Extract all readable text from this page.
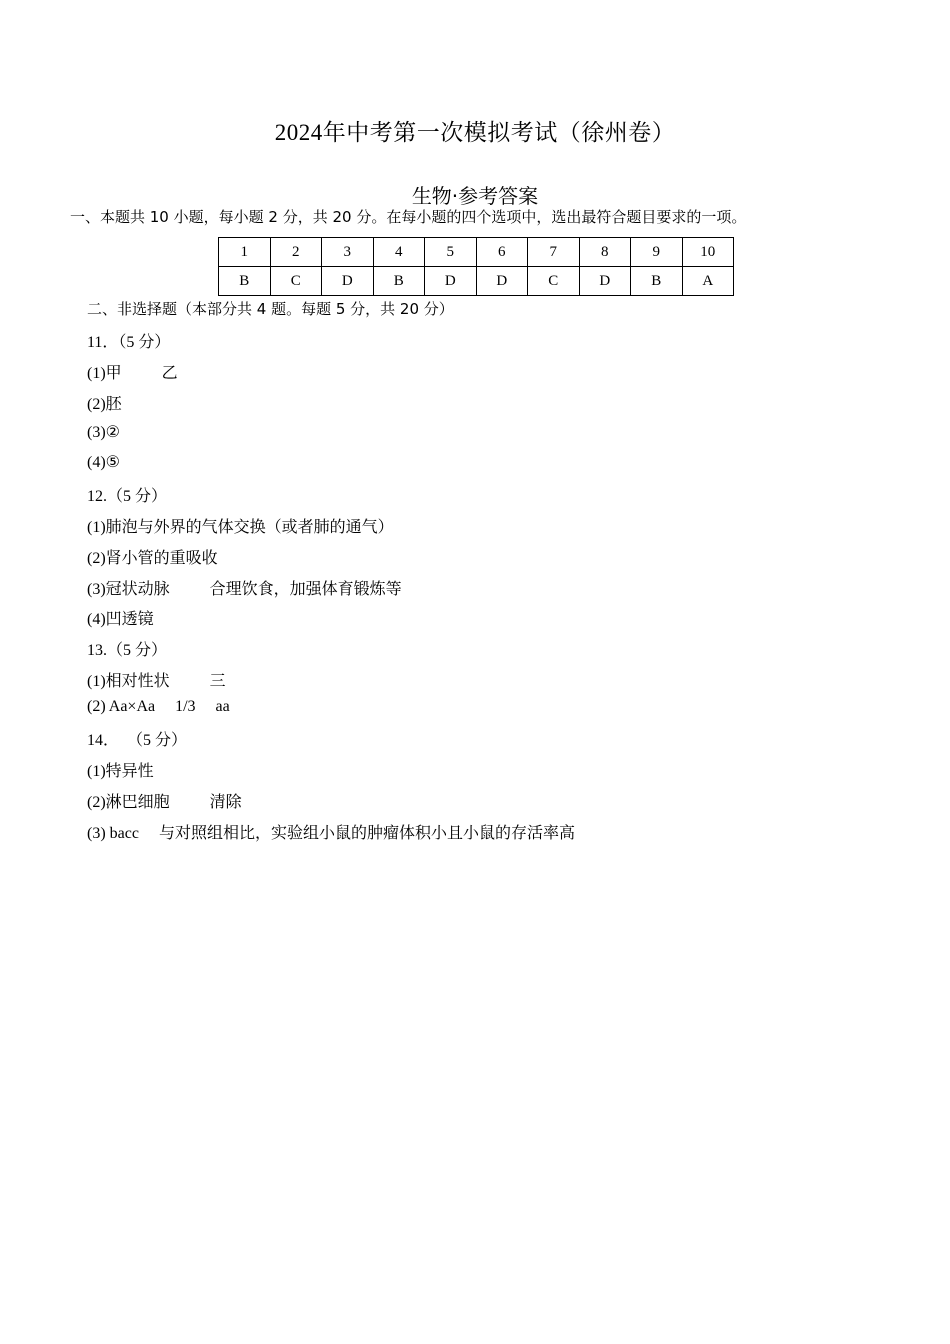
2024年中考第一次模拟考试（徐州卷）
生物·参考答案
一、本题共 10 小题，每小题 2 分，共 20 分。在每小题的四个选项中，选出最符合题目要求的一项。
1	2	3	4	5	6	7	8	9	10
B	C	D	B	D	D	C	D	B	A
二、非选择题（本部分共 4 题。每题 5 分，共 20 分）
11．（5 分）
(1)甲          乙
(2)胚
(3)②
(4)⑤
12.（5 分）
(1)肺泡与外界的气体交换（或者肺的通气）
(2)肾小管的重吸收
(3)冠状动脉          合理饮食，加强体育锻炼等
(4)凹透镜
13.（5 分）
(1)相对性状          三
(2) Aa×Aa     1/3     aa
14．  （5 分）
(1)特异性
(2)淋巴细胞          清除
(3) bacc     与对照组相比，实验组小鼠的肿瘤体积小且小鼠的存活率高
